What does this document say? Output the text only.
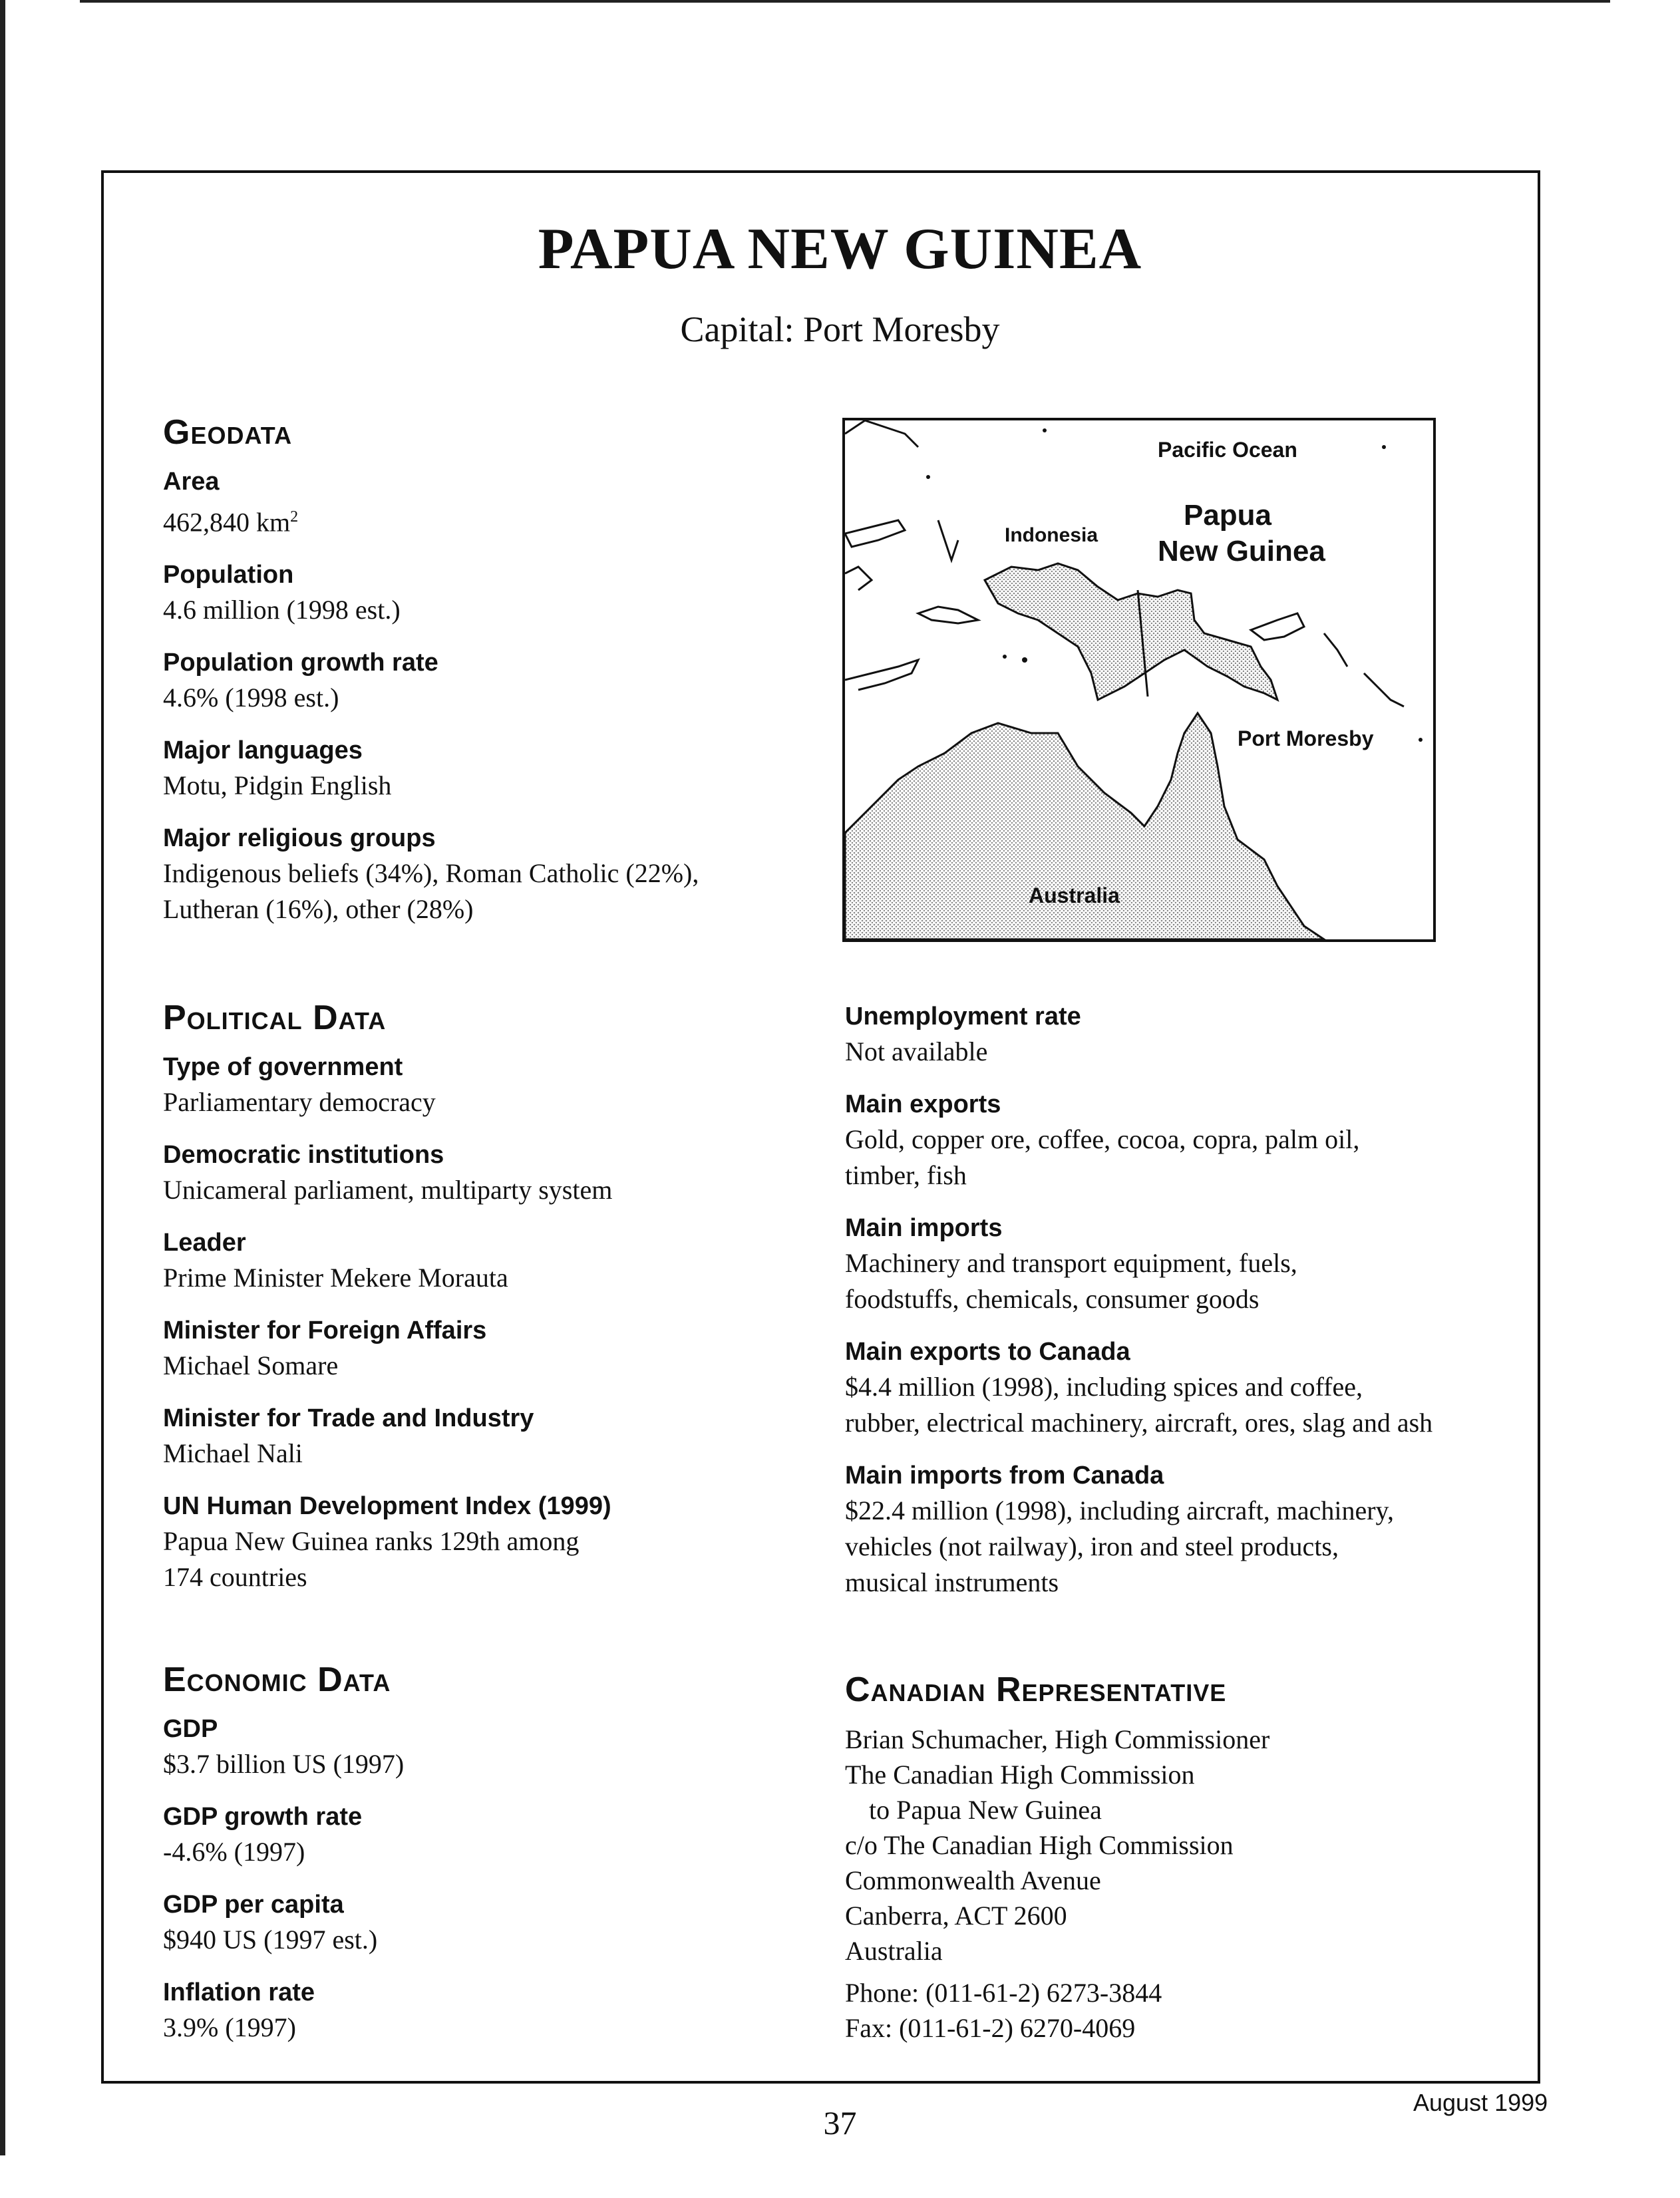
PAPUA NEW GUINEA
Capital: Port Moresby
Geodata
Area
462,840 $km^2$
Population
4.6 million (1998 est.)
Population growth rate
4.6% (1998 est.)
Major languages
Motu, Pidgin English
Major religious groups
Indigenous beliefs (34%), Roman Catholic (22%),
Lutheran (16%), other (28%)
Pacific Ocean
Papua
New Guinea
Indonesia
Port Moresby
Australia
Political Data
Type of government
Parliamentary democracy
Democratic institutions
Unicameral parliament, multiparty system
Leader
Prime Minister Mekere Morauta
Minister for Foreign Affairs
Michael Somare
Minister for Trade and Industry
Michael Nali
UN Human Development Index (1999)
Papua New Guinea ranks 129th among
174 countries
Economic Data
GDP
$3.7 billion US (1997)
GDP growth rate
-4.6% (1997)
GDP per capita
$940 US (1997 est.)
Inflation rate
3.9% (1997)
Unemployment rate
Not available
Main exports
Gold, copper ore, coffee, cocoa, copra, palm oil,
timber, fish
Main imports
Machinery and transport equipment, fuels,
foodstuffs, chemicals, consumer goods
Main exports to Canada
$4.4 million (1998), including spices and coffee,
rubber, electrical machinery, aircraft, ores, slag and ash
Main imports from Canada
$22.4 million (1998), including aircraft, machinery,
vehicles (not railway), iron and steel products,
musical instruments
Canadian Representative
Brian Schumacher, High Commissioner
The Canadian High Commission
to Papua New Guinea
c/o The Canadian High Commission
Commonwealth Avenue
Canberra, ACT 2600
Australia
Phone: (011-61-2) 6273-3844
Fax: (011-61-2) 6270-4069
August 1999
37
